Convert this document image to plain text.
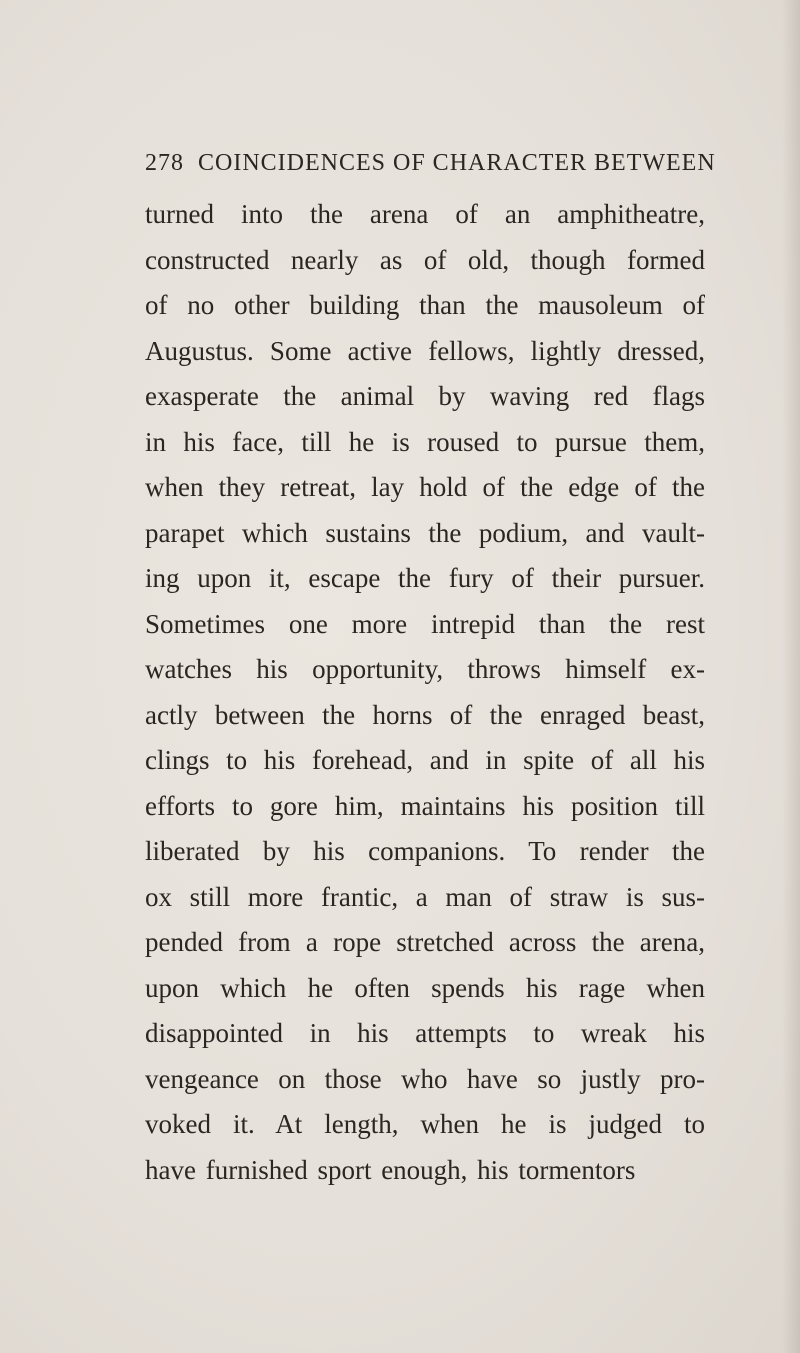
278 COINCIDENCES OF CHARACTER BETWEEN
turned into the arena of an amphitheatre,
constructed nearly as of old, though formed
of no other building than the mausoleum of
Augustus. Some active fellows, lightly dressed,
exasperate the animal by waving red flags
in his face, till he is roused to pursue them,
when they retreat, lay hold of the edge of the
parapet which sustains the podium, and vault-
ing upon it, escape the fury of their pursuer.
Sometimes one more intrepid than the rest
watches his opportunity, throws himself ex-
actly between the horns of the enraged beast,
clings to his forehead, and in spite of all his
efforts to gore him, maintains his position till
liberated by his companions. To render the
ox still more frantic, a man of straw is sus-
pended from a rope stretched across the arena,
upon which he often spends his rage when
disappointed in his attempts to wreak his
vengeance on those who have so justly pro-
voked it. At length, when he is judged to
have furnished sport enough, his tormentors
